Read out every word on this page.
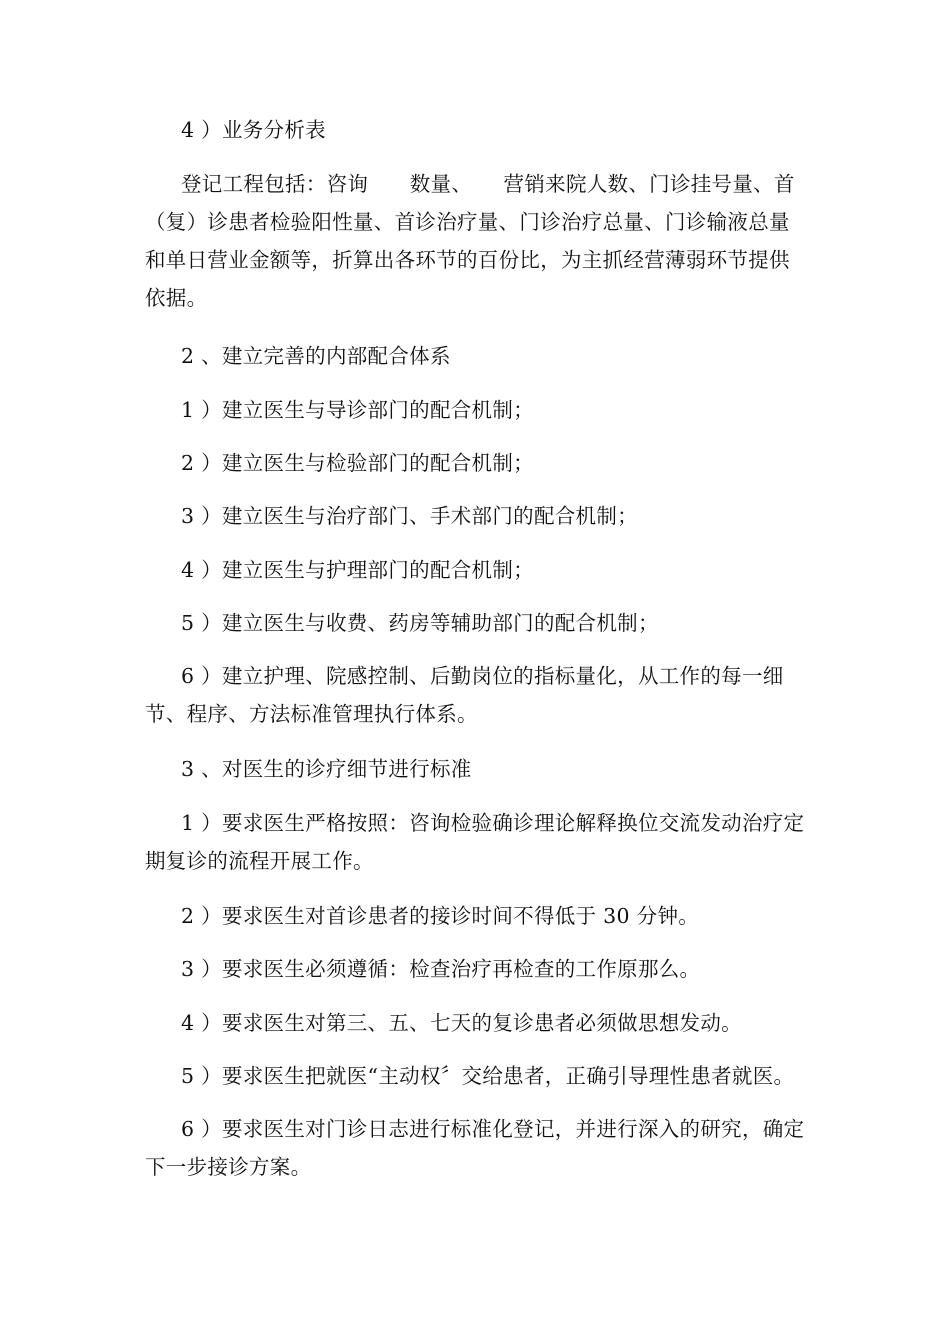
4 ）业务分析表

登记工程包括：咨询　　数量、　　营销来院人数、门诊挂号量、首（复）诊患者检验阳性量、首诊治疗量、门诊治疗总量、门诊输液总量和单日营业金额等，折算出各环节的百份比，为主抓经营薄弱环节提供依据。

2 、建立完善的内部配合体系

1 ）建立医生与导诊部门的配合机制；

2 ）建立医生与检验部门的配合机制；

3 ）建立医生与治疗部门、手术部门的配合机制；

4 ）建立医生与护理部门的配合机制；

5 ）建立医生与收费、药房等辅助部门的配合机制；

6 ）建立护理、院感控制、后勤岗位的指标量化，从工作的每一细节、程序、方法标准管理执行体系。

3 、对医生的诊疗细节进行标准

1 ）要求医生严格按照：咨询检验确诊理论解释换位交流发动治疗定期复诊的流程开展工作。

2 ）要求医生对首诊患者的接诊时间不得低于 30 分钟。

3 ）要求医生必须遵循：检查治疗再检查的工作原那么。

4 ）要求医生对第三、五、七天的复诊患者必须做思想发动。

5 ）要求医生把就医“主动权〞交给患者，正确引导理性患者就医。

6 ）要求医生对门诊日志进行标准化登记，并进行深入的研究，确定下一步接诊方案。
